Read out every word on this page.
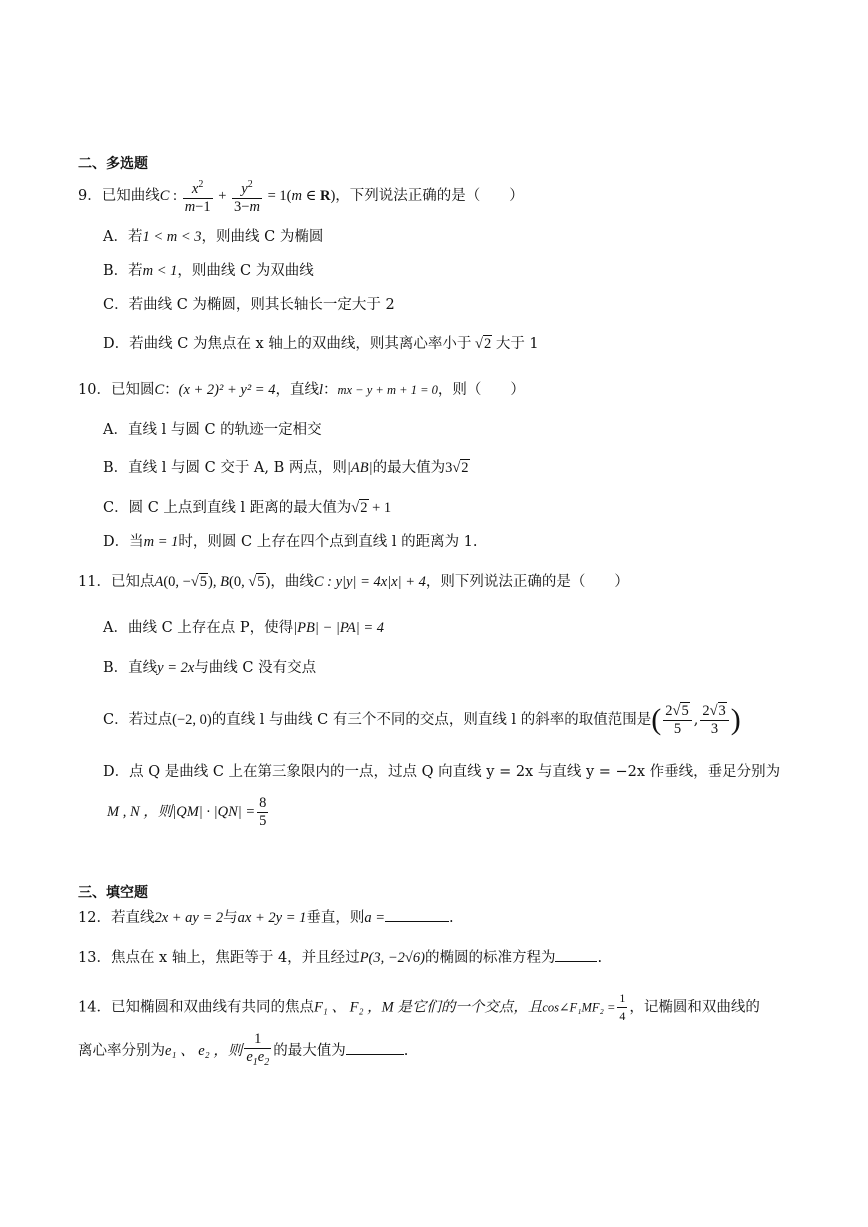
二、多选题
9．已知曲线C : $\frac{x^2}{m-1} + \frac{y^2}{3-m} = 1(m$ ∈ R)，下列说法正确的是（　　）
A．若1 < m < 3，则曲线 C 为椭圆
B．若m < 1，则曲线 C 为双曲线
C．若曲线 C 为椭圆，则其长轴长一定大于 2
D．若曲线 C 为焦点在 x 轴上的双曲线，则其离心率小于 √2 大于 1
10．已知圆C：(x + 2)² + y² = 4，直线l：mx − y + m + 1 = 0，则（　　）
A．直线 l 与圆 C 的轨迹一定相交
B．直线 l 与圆 C 交于 A, B 两点，则|AB|的最大值为3√2
C．圆 C 上点到直线 l 距离的最大值为√2 + 1
D．当m = 1时，则圆 C 上存在四个点到直线 l 的距离为 1.
11．已知点A(0, −√5), B(0, √5)，曲线C : y|y| = 4x|x| + 4，则下列说法正确的是（　　）
A．曲线 C 上存在点 P，使得|PB| − |PA| = 4
B．直线y = 2x与曲线 C 没有交点
C．若过点(−2, 0)的直线 l 与曲线 C 有三个不同的交点，则直线 l 的斜率的取值范围是( $\frac{2√5}{5}$ , $\frac{2√3}{3}$ )
D．点 Q 是曲线 C 上在第三象限内的一点，过点 Q 向直线 y = 2x 与直线 y = −2x 作垂线，垂足分别为
M , N ，则$|QM| \cdot |QN| = \frac{8}{5}$
三、填空题
12．若直线2x + ay = 2与ax + 2y = 1垂直，则a =	.
13．焦点在 x 轴上，焦距等于 4，并且经过P(3, −2√6)的椭圆的标准方程为	.
14．已知椭圆和双曲线有共同的焦点F₁ 、 F₂ ，M 是它们的一个交点，且cos∠F₁MF₂ = $\frac{1}{4}$ ，记椭圆和双曲线的
离心率分别为e₁ 、 e₂ ，则 $\frac{1}{e_1e_2}$ 的最大值为	.
